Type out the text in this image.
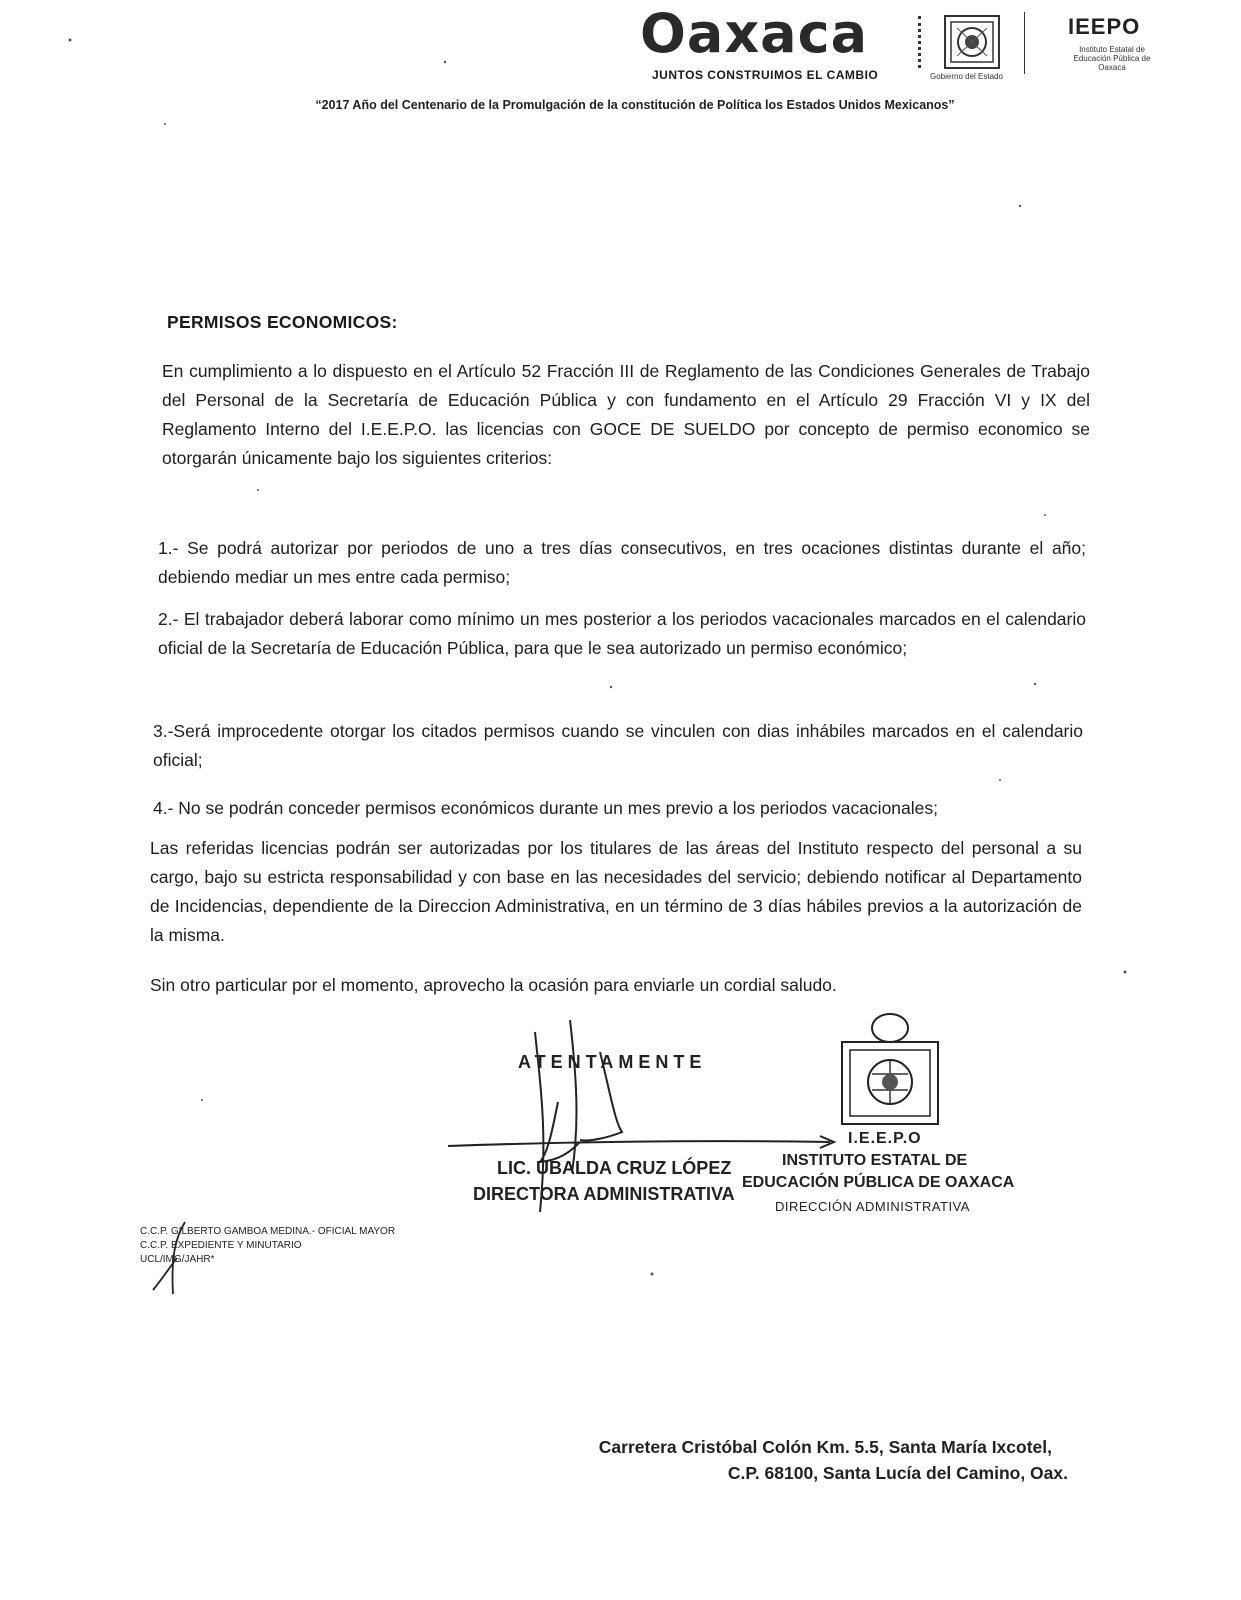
Oaxaca
JUNTOS CONSTRUIMOS EL CAMBIO	Gobierno del Estado
IEEPO
Instituto Estatal de Educación Pública de Oaxaca
“2017 Año del Centenario de la Promulgación de la constitución de Política los Estados Unidos Mexicanos”
PERMISOS ECONOMICOS:
En cumplimiento a lo dispuesto en el Artículo 52 Fracción III de Reglamento de las Condiciones Generales de Trabajo del Personal de la Secretaría de Educación Pública y con fundamento en el Artículo 29 Fracción VI y IX del Reglamento Interno del I.E.E.P.O. las licencias con GOCE DE SUELDO por concepto de permiso economico se otorgarán únicamente bajo los siguientes criterios:
1.- Se podrá autorizar por periodos de uno a tres días consecutivos, en tres ocaciones distintas durante el año; debiendo mediar un mes entre cada permiso;
2.- El trabajador deberá laborar como mínimo un mes posterior a los periodos vacacionales marcados en el calendario oficial de la Secretaría de Educación Pública, para que le sea autorizado un permiso económico;
3.-Será improcedente otorgar los citados permisos cuando se vinculen con dias inhábiles marcados en el calendario oficial;
4.- No se podrán conceder permisos económicos durante un mes previo a los periodos vacacionales;
Las referidas licencias podrán ser autorizadas por los titulares de las áreas del Instituto respecto del personal a su cargo, bajo su estricta responsabilidad y con base en las necesidades del servicio; debiendo notificar al Departamento de Incidencias, dependiente de la Direccion Administrativa, en un término de 3 días hábiles previos a la autorización de la misma.
Sin otro particular por el momento, aprovecho la ocasión para enviarle un cordial saludo.
ATENTAMENTE
LIC. UBALDA CRUZ LÓPEZ
DIRECTORA ADMINISTRATIVA
I.E.E.P.O
INSTITUTO ESTATAL DE
EDUCACIÓN PÚBLICA DE OAXACA
DIRECCIÓN ADMINISTRATIVA
C.C.P. GILBERTO GAMBOA MEDINA.- OFICIAL MAYOR
C.C.P. EXPEDIENTE Y MINUTARIO
UCL/IMG/JAHR*
Carretera Cristóbal Colón Km. 5.5, Santa María Ixcotel,
C.P. 68100, Santa Lucía del Camino, Oax.
